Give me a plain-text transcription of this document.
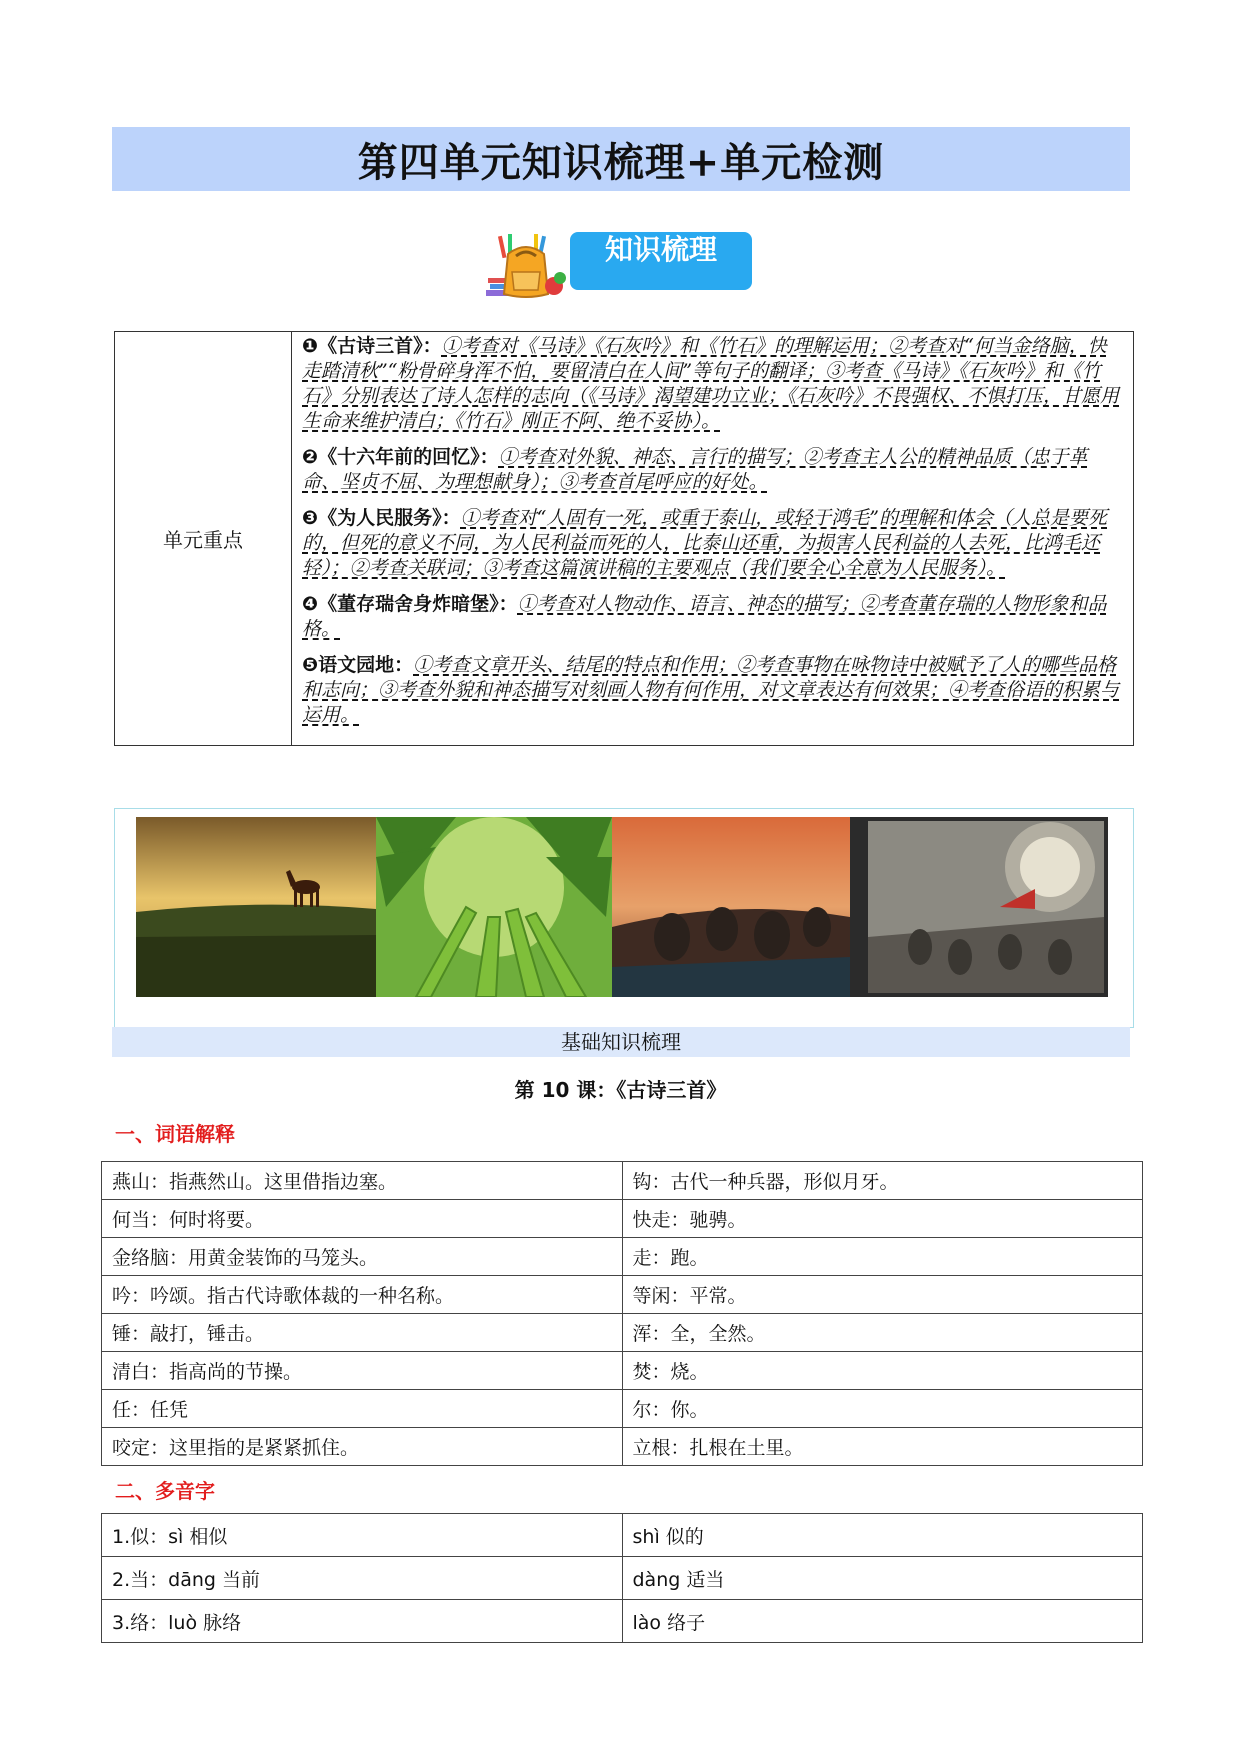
第四单元知识梳理+单元检测
知识梳理
单元重点	
❶《古诗三首》：①考查对《马诗》《石灰吟》和《竹石》的理解运用；②考查对“何当金络脑，快走踏清秋”“粉骨碎身浑不怕，要留清白在人间”等句子的翻译；③考查《马诗》《石灰吟》和《竹石》分别表达了诗人怎样的志向（《马诗》渴望建功立业；《石灰吟》不畏强权、不惧打压，甘愿用生命来维护清白；《竹石》刚正不阿、绝不妥协）。
❷《十六年前的回忆》：①考查对外貌、神态、言行的描写；②考查主人公的精神品质（忠于革命、坚贞不屈、为理想献身）；③考查首尾呼应的好处。
❸《为人民服务》：①考查对“人固有一死，或重于泰山，或轻于鸿毛”的理解和体会（人总是要死的，但死的意义不同，为人民利益而死的人，比泰山还重，为损害人民利益的人去死，比鸿毛还轻）；②考查关联词；③考查这篇演讲稿的主要观点（我们要全心全意为人民服务）。
❹《董存瑞舍身炸暗堡》：①考查对人物动作、语言、神态的描写；②考查董存瑞的人物形象和品格。
❺语文园地：①考查文章开头、结尾的特点和作用；②考查事物在咏物诗中被赋予了人的哪些品格和志向；③考查外貌和神态描写对刻画人物有何作用，对文章表达有何效果；④考查俗语的积累与运用。
基础知识梳理
第 10 课：《古诗三首》
一、词语解释
燕山：指燕然山。这里借指边塞。	钩：古代一种兵器，形似月牙。
何当：何时将要。	快走：驰骋。
金络脑：用黄金装饰的马笼头。	走：跑。
吟：吟颂。指古代诗歌体裁的一种名称。	等闲：平常。
锤：敲打，锤击。	浑：全，全然。
清白：指高尚的节操。	焚：烧。
任：任凭	尔：你。
咬定：这里指的是紧紧抓住。	立根：扎根在土里。
二、多音字
1.似：sì 相似	shì 似的
2.当：dāng 当前	dàng 适当
3.络：luò 脉络	lào 络子
